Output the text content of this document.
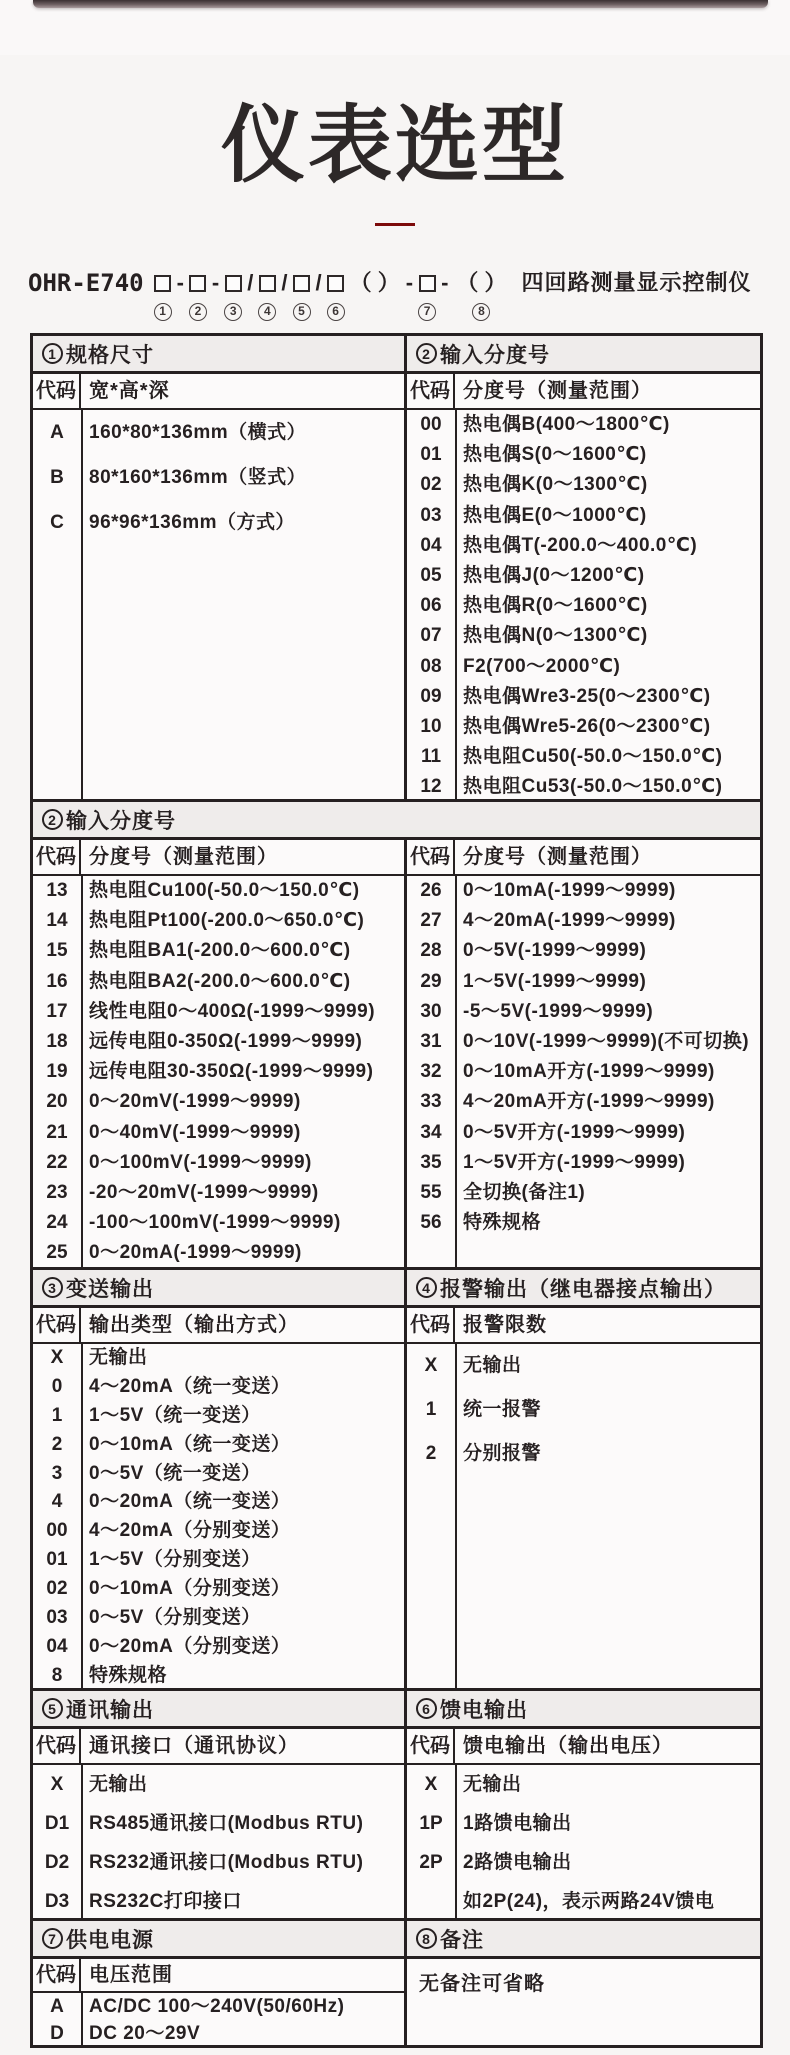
仪表选型
OHR-E740
1
-
2
-
3
/
4
/
5
/
6
（ ） -
7
- （ ）
8
四回路测量显示控制仪
1 规格尺寸
代码 宽*高*深
A	160*80*136mm（横式）
B	80*160*136mm（竖式）
C	96*96*136mm（方式）
2 输入分度号
代码 分度号（测量范围）
00	热电偶B(400～1800℃)
01	热电偶S(0～1600℃)
02	热电偶K(0～1300℃)
03	热电偶E(0～1000℃)
04	热电偶T(-200.0～400.0℃)
05	热电偶J(0～1200℃)
06	热电偶R(0～1600℃)
07	热电偶N(0～1300℃)
08	F2(700～2000℃)
09	热电偶Wre3-25(0～2300℃)
10	热电偶Wre5-26(0～2300℃)
11	热电阻Cu50(-50.0～150.0℃)
12	热电阻Cu53(-50.0～150.0℃)
2 输入分度号
代码 分度号（测量范围）
13	热电阻Cu100(-50.0～150.0℃)
14	热电阻Pt100(-200.0～650.0℃)
15	热电阻BA1(-200.0～600.0℃)
16	热电阻BA2(-200.0～600.0℃)
17	线性电阻0～400Ω(-1999～9999)
18	远传电阻0-350Ω(-1999～9999)
19	远传电阻30-350Ω(-1999～9999)
20	0～20mV(-1999～9999)
21	0～40mV(-1999～9999)
22	0～100mV(-1999～9999)
23	-20～20mV(-1999～9999)
24	-100～100mV(-1999～9999)
25	0～20mA(-1999～9999)
代码 分度号（测量范围）
26	0～10mA(-1999～9999)
27	4～20mA(-1999～9999)
28	0～5V(-1999～9999)
29	1～5V(-1999～9999)
30	-5～5V(-1999～9999)
31	0～10V(-1999～9999)(不可切换)
32	0～10mA开方(-1999～9999)
33	4～20mA开方(-1999～9999)
34	0～5V开方(-1999～9999)
35	1～5V开方(-1999～9999)
55	全切换(备注1)
56	特殊规格
3 变送输出
代码 输出类型（输出方式）
X	无输出
0	4～20mA（统一变送）
1	1～5V（统一变送）
2	0～10mA（统一变送）
3	0～5V（统一变送）
4	0～20mA（统一变送）
00	4～20mA（分别变送）
01	1～5V（分别变送）
02	0～10mA（分别变送）
03	0～5V（分别变送）
04	0～20mA（分别变送）
8	特殊规格
4 报警输出（继电器接点输出）
代码 报警限数
X	无输出
1	统一报警
2	分别报警
5 通讯输出
代码 通讯接口（通讯协议）
X	无输出
D1	RS485通讯接口(Modbus RTU)
D2	RS232通讯接口(Modbus RTU)
D3	RS232C打印接口
6 馈电输出
代码 馈电输出（输出电压）
X	无输出
1P	1路馈电输出
2P	2路馈电输出
如2P(24)，表示两路24V馈电
7 供电电源
代码 电压范围
A	AC/DC 100～240V(50/60Hz)
D	DC 20～29V
8 备注
无备注可省略
